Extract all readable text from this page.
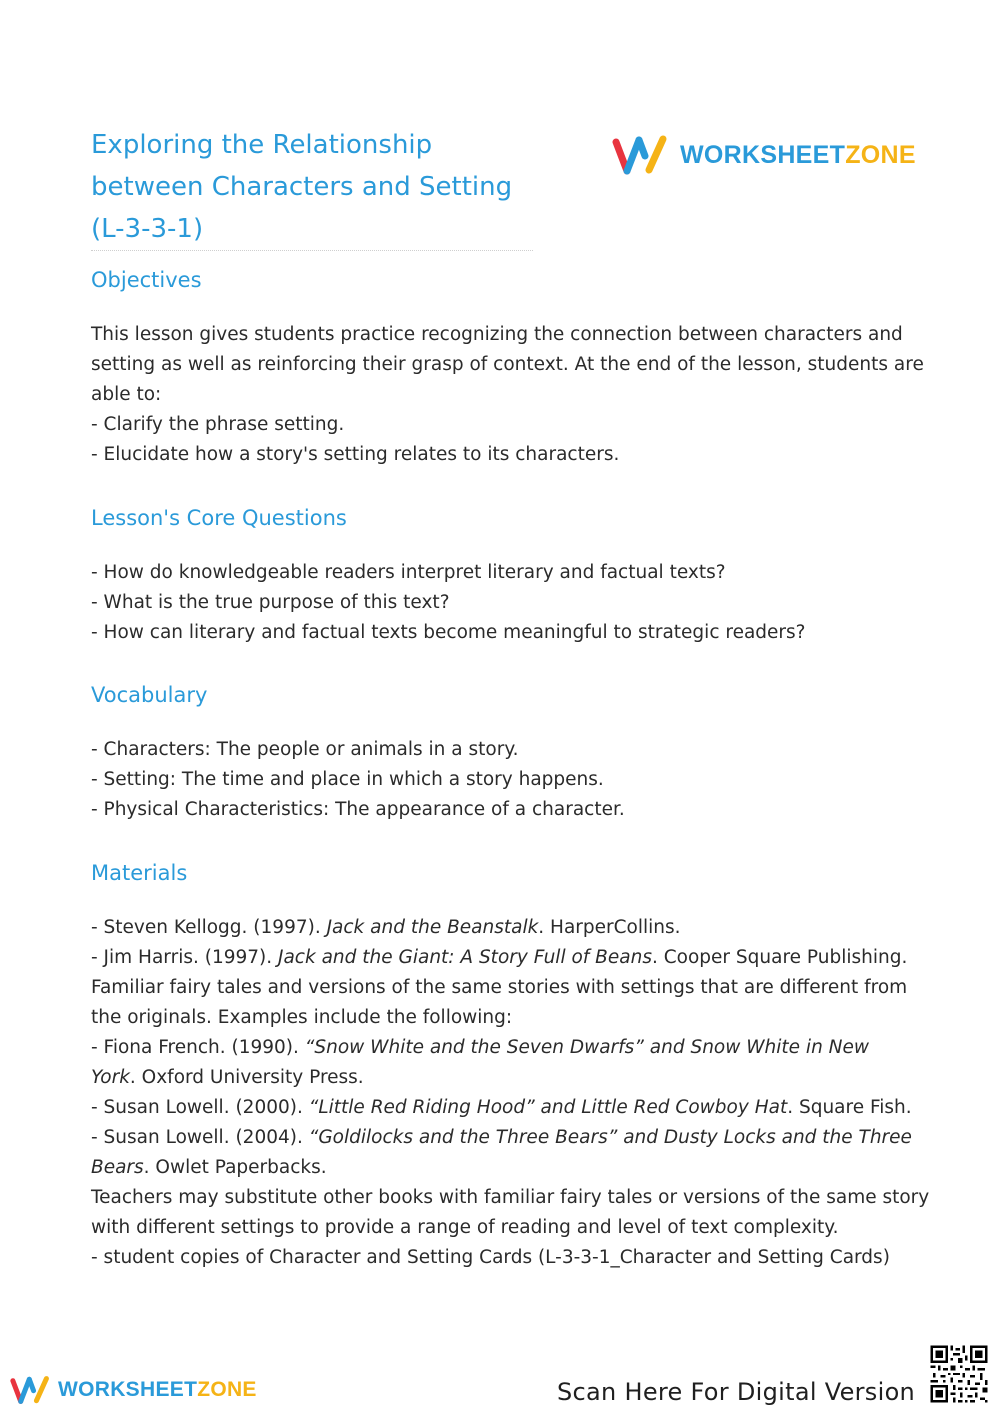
Exploring the Relationship
between Characters and Setting
(L-3-3-1)
WORKSHEETZONE
Objectives
This lesson gives students practice recognizing the connection between characters and
setting as well as reinforcing their grasp of context. At the end of the lesson, students are
able to:
- Clarify the phrase setting.
- Elucidate how a story's setting relates to its characters.
Lesson's Core Questions
- How do knowledgeable readers interpret literary and factual texts?
- What is the true purpose of this text?
- How can literary and factual texts become meaningful to strategic readers?
Vocabulary
- Characters: The people or animals in a story.
- Setting: The time and place in which a story happens.
- Physical Characteristics: The appearance of a character.
Materials
- Steven Kellogg. (1997). Jack and the Beanstalk. HarperCollins.
- Jim Harris. (1997). Jack and the Giant: A Story Full of Beans. Cooper Square Publishing.
Familiar fairy tales and versions of the same stories with settings that are different from
the originals. Examples include the following:
- Fiona French. (1990). “Snow White and the Seven Dwarfs” and Snow White in New
York. Oxford University Press.
- Susan Lowell. (2000). “Little Red Riding Hood” and Little Red Cowboy Hat. Square Fish.
- Susan Lowell. (2004). “Goldilocks and the Three Bears” and Dusty Locks and the Three
Bears. Owlet Paperbacks.
Teachers may substitute other books with familiar fairy tales or versions of the same story
with different settings to provide a range of reading and level of text complexity.
- student copies of Character and Setting Cards (L-3-3-1_Character and Setting Cards)
WORKSHEETZONE	Scan Here For Digital Version
